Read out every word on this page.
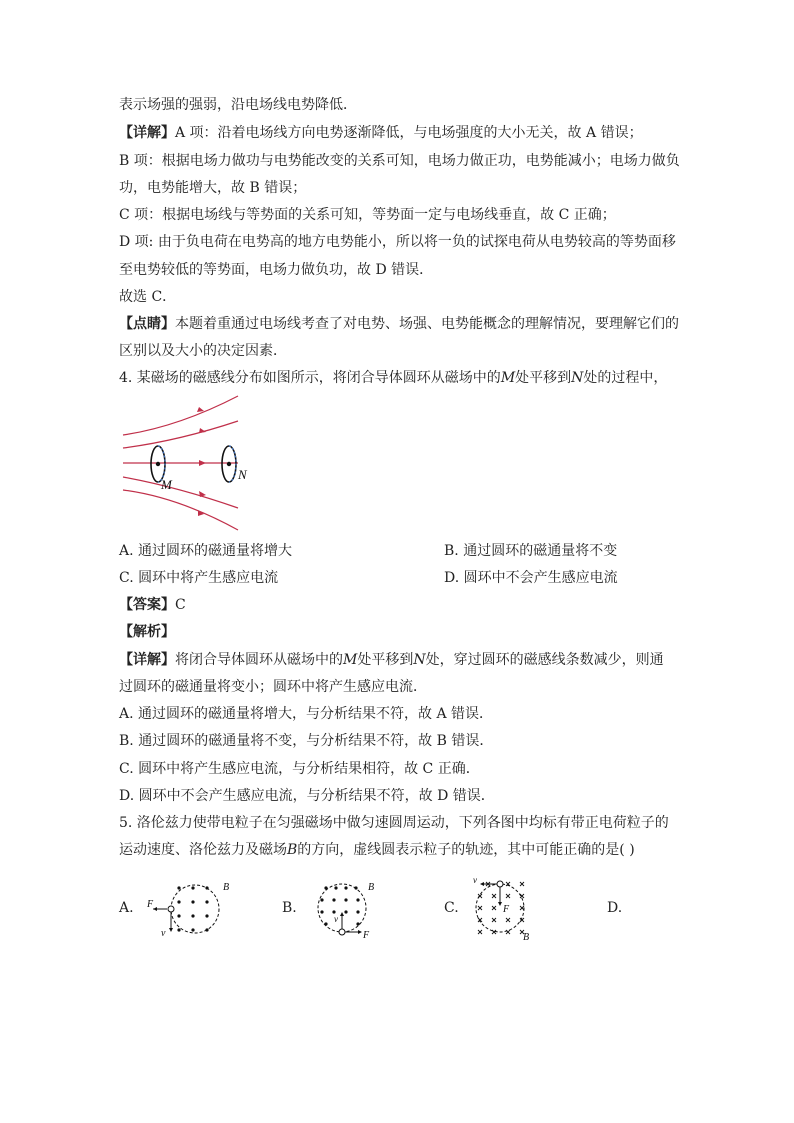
表示场强的强弱，沿电场线电势降低．
【详解】A 项：沿着电场线方向电势逐渐降低，与电场强度的大小无关，故 A 错误；
B 项：根据电场力做功与电势能改变的关系可知，电场力做正功，电势能减小；电场力做负
功，电势能增大，故 B 错误；
C 项：根据电场线与等势面的关系可知，等势面一定与电场线垂直，故 C 正确；
D 项: 由于负电荷在电势高的地方电势能小，所以将一负的试探电荷从电势较高的等势面移
至电势较低的等势面，电场力做负功，故 D 错误．
故选 C．
【点睛】本题着重通过电场线考查了对电势、场强、电势能概念的理解情况，要理解它们的
区别以及大小的决定因素．
4. 某磁场的磁感线分布如图所示，将闭合导体圆环从磁场中的M处平移到N处的过程中，
M
N
A. 通过圆环的磁通量将增大	B. 通过圆环的磁通量将不变
C. 圆环中将产生感应电流	D. 圆环中不会产生感应电流
【答案】C
【解析】
【详解】将闭合导体圆环从磁场中的M处平移到N处，穿过圆环的磁感线条数减少，则通
过圆环的磁通量将变小；圆环中将产生感应电流．
A. 通过圆环的磁通量将增大，与分析结果不符，故 A 错误．
B. 通过圆环的磁通量将不变，与分析结果不符，故 B 错误．
C. 圆环中将产生感应电流，与分析结果相符，故 C 正确．
D. 圆环中不会产生感应电流，与分析结果不符，故 D 错误．
5. 洛伦兹力使带电粒子在匀强磁场中做匀速圆周运动，下列各图中均标有带正电荷粒子的
运动速度、洛伦兹力及磁场B的方向，虚线圆表示粒子的轨迹，其中可能正确的是( )
A.	B.	C.	D.
F
v
B
v
F
B
v
F
B
